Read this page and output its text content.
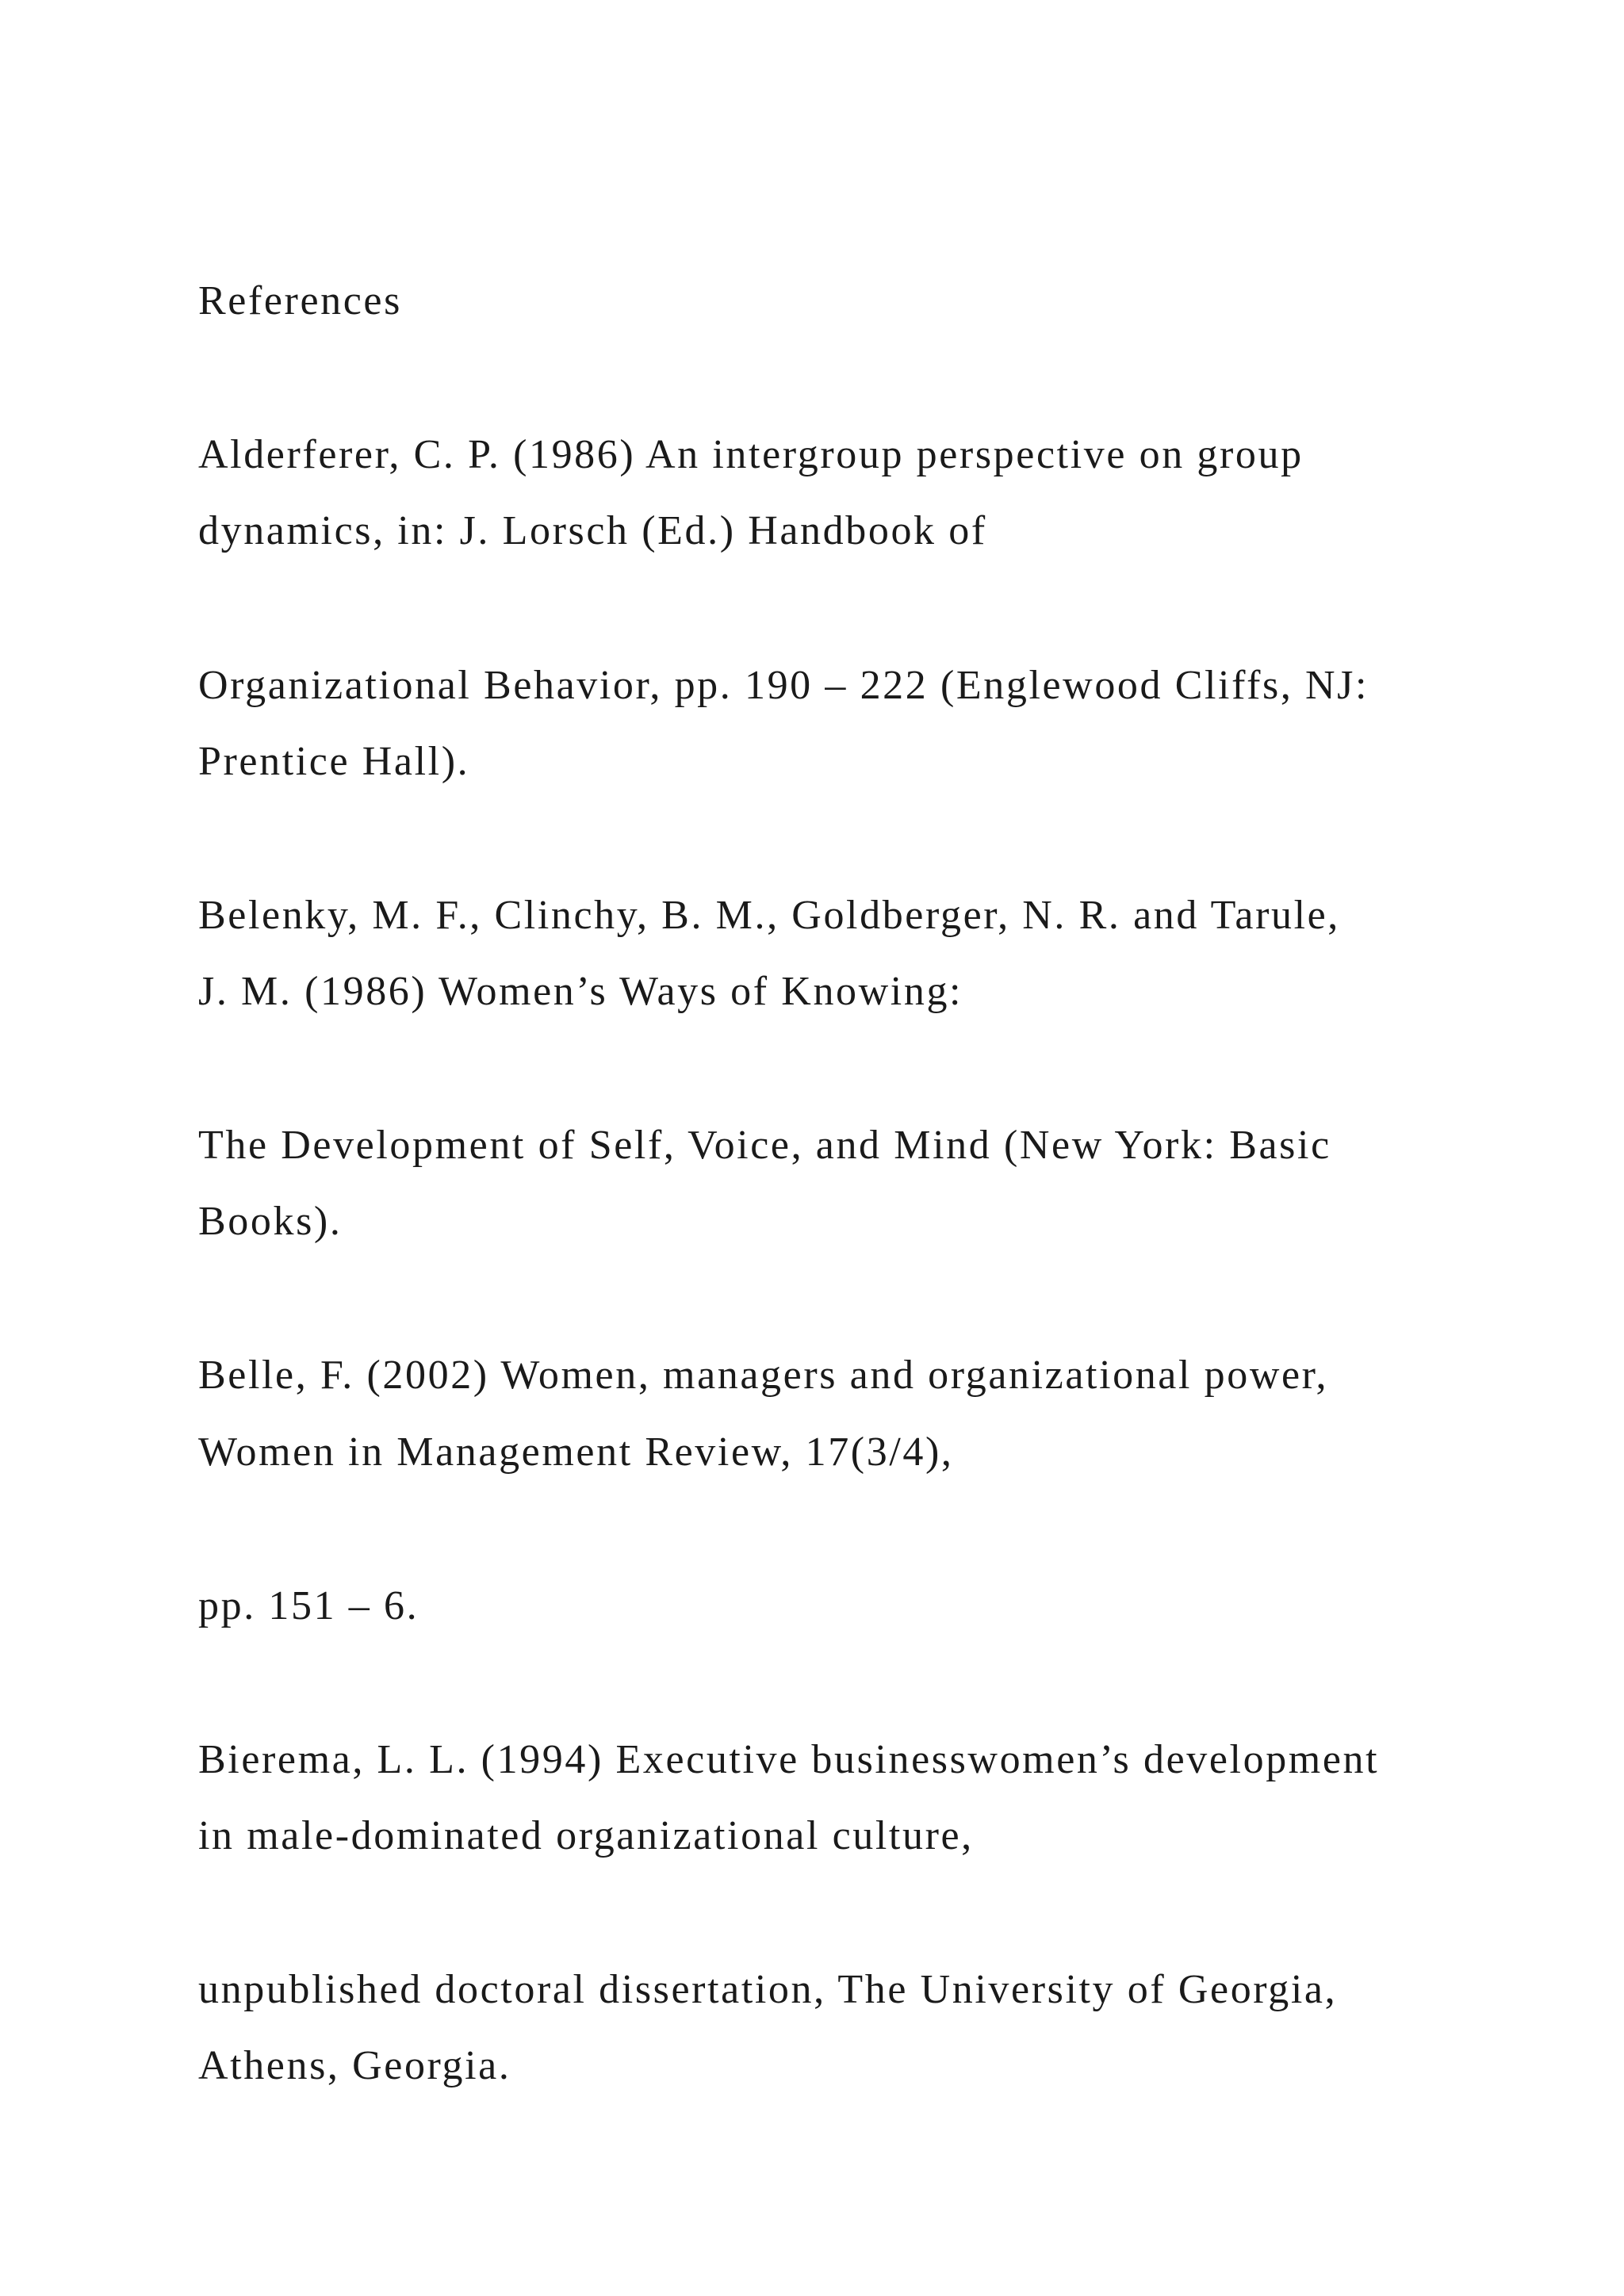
References
Alderferer, C. P. (1986) An intergroup perspective on group
dynamics, in: J. Lorsch (Ed.) Handbook of
Organizational Behavior, pp. 190 – 222 (Englewood Cliffs, NJ:
Prentice Hall).
Belenky, M. F., Clinchy, B. M., Goldberger, N. R. and Tarule,
J. M. (1986) Women’s Ways of Knowing:
The Development of Self, Voice, and Mind (New York: Basic
Books).
Belle, F. (2002) Women, managers and organizational power,
Women in Management Review, 17(3/4),
pp. 151 – 6.
Bierema, L. L. (1994) Executive businesswomen’s development
in male-dominated organizational culture,
unpublished doctoral dissertation, The University of Georgia,
Athens, Georgia.
